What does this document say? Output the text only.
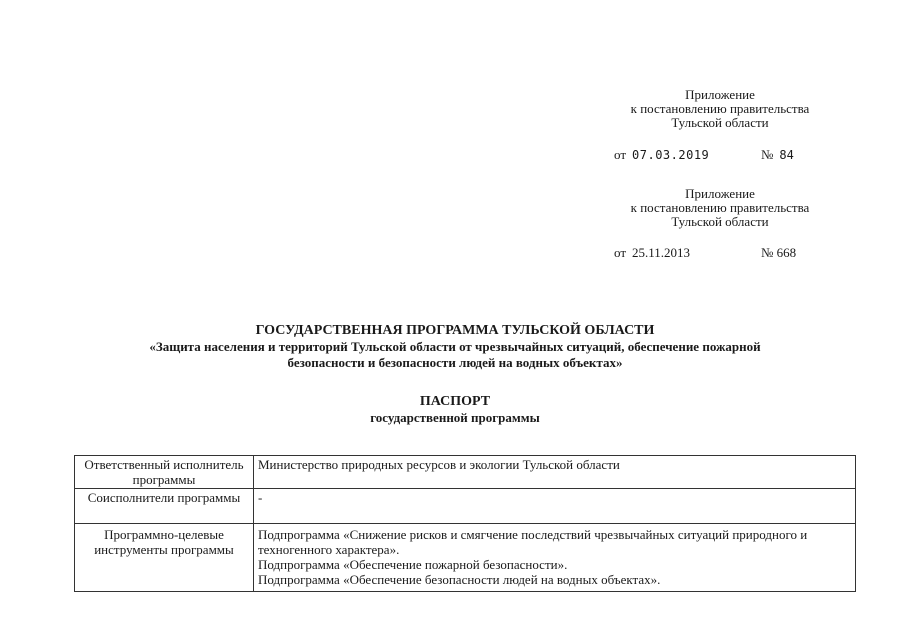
Приложение
к постановлению правительства
Тульской области
от 07.03.2019	№ 84
Приложение
к постановлению правительства
Тульской области
от 25.11.2013	№ 668
ГОСУДАРСТВЕННАЯ ПРОГРАММА ТУЛЬСКОЙ ОБЛАСТИ
«Защита населения и территорий Тульской области от чрезвычайных ситуаций, обеспечение пожарной
безопасности и безопасности людей на водных объектах»
ПАСПОРТ
государственной программы
Ответственный исполнитель программы	Министерство природных ресурсов и экологии Тульской области

Соисполнители программы	-

Программно-целевые инструменты программы	Подпрограмма «Снижение рисков и смягчение последствий чрезвычайных ситуаций природного и техногенного характера».
Подпрограмма «Обеспечение пожарной безопасности».
Подпрограмма «Обеспечение безопасности людей на водных объектах».
